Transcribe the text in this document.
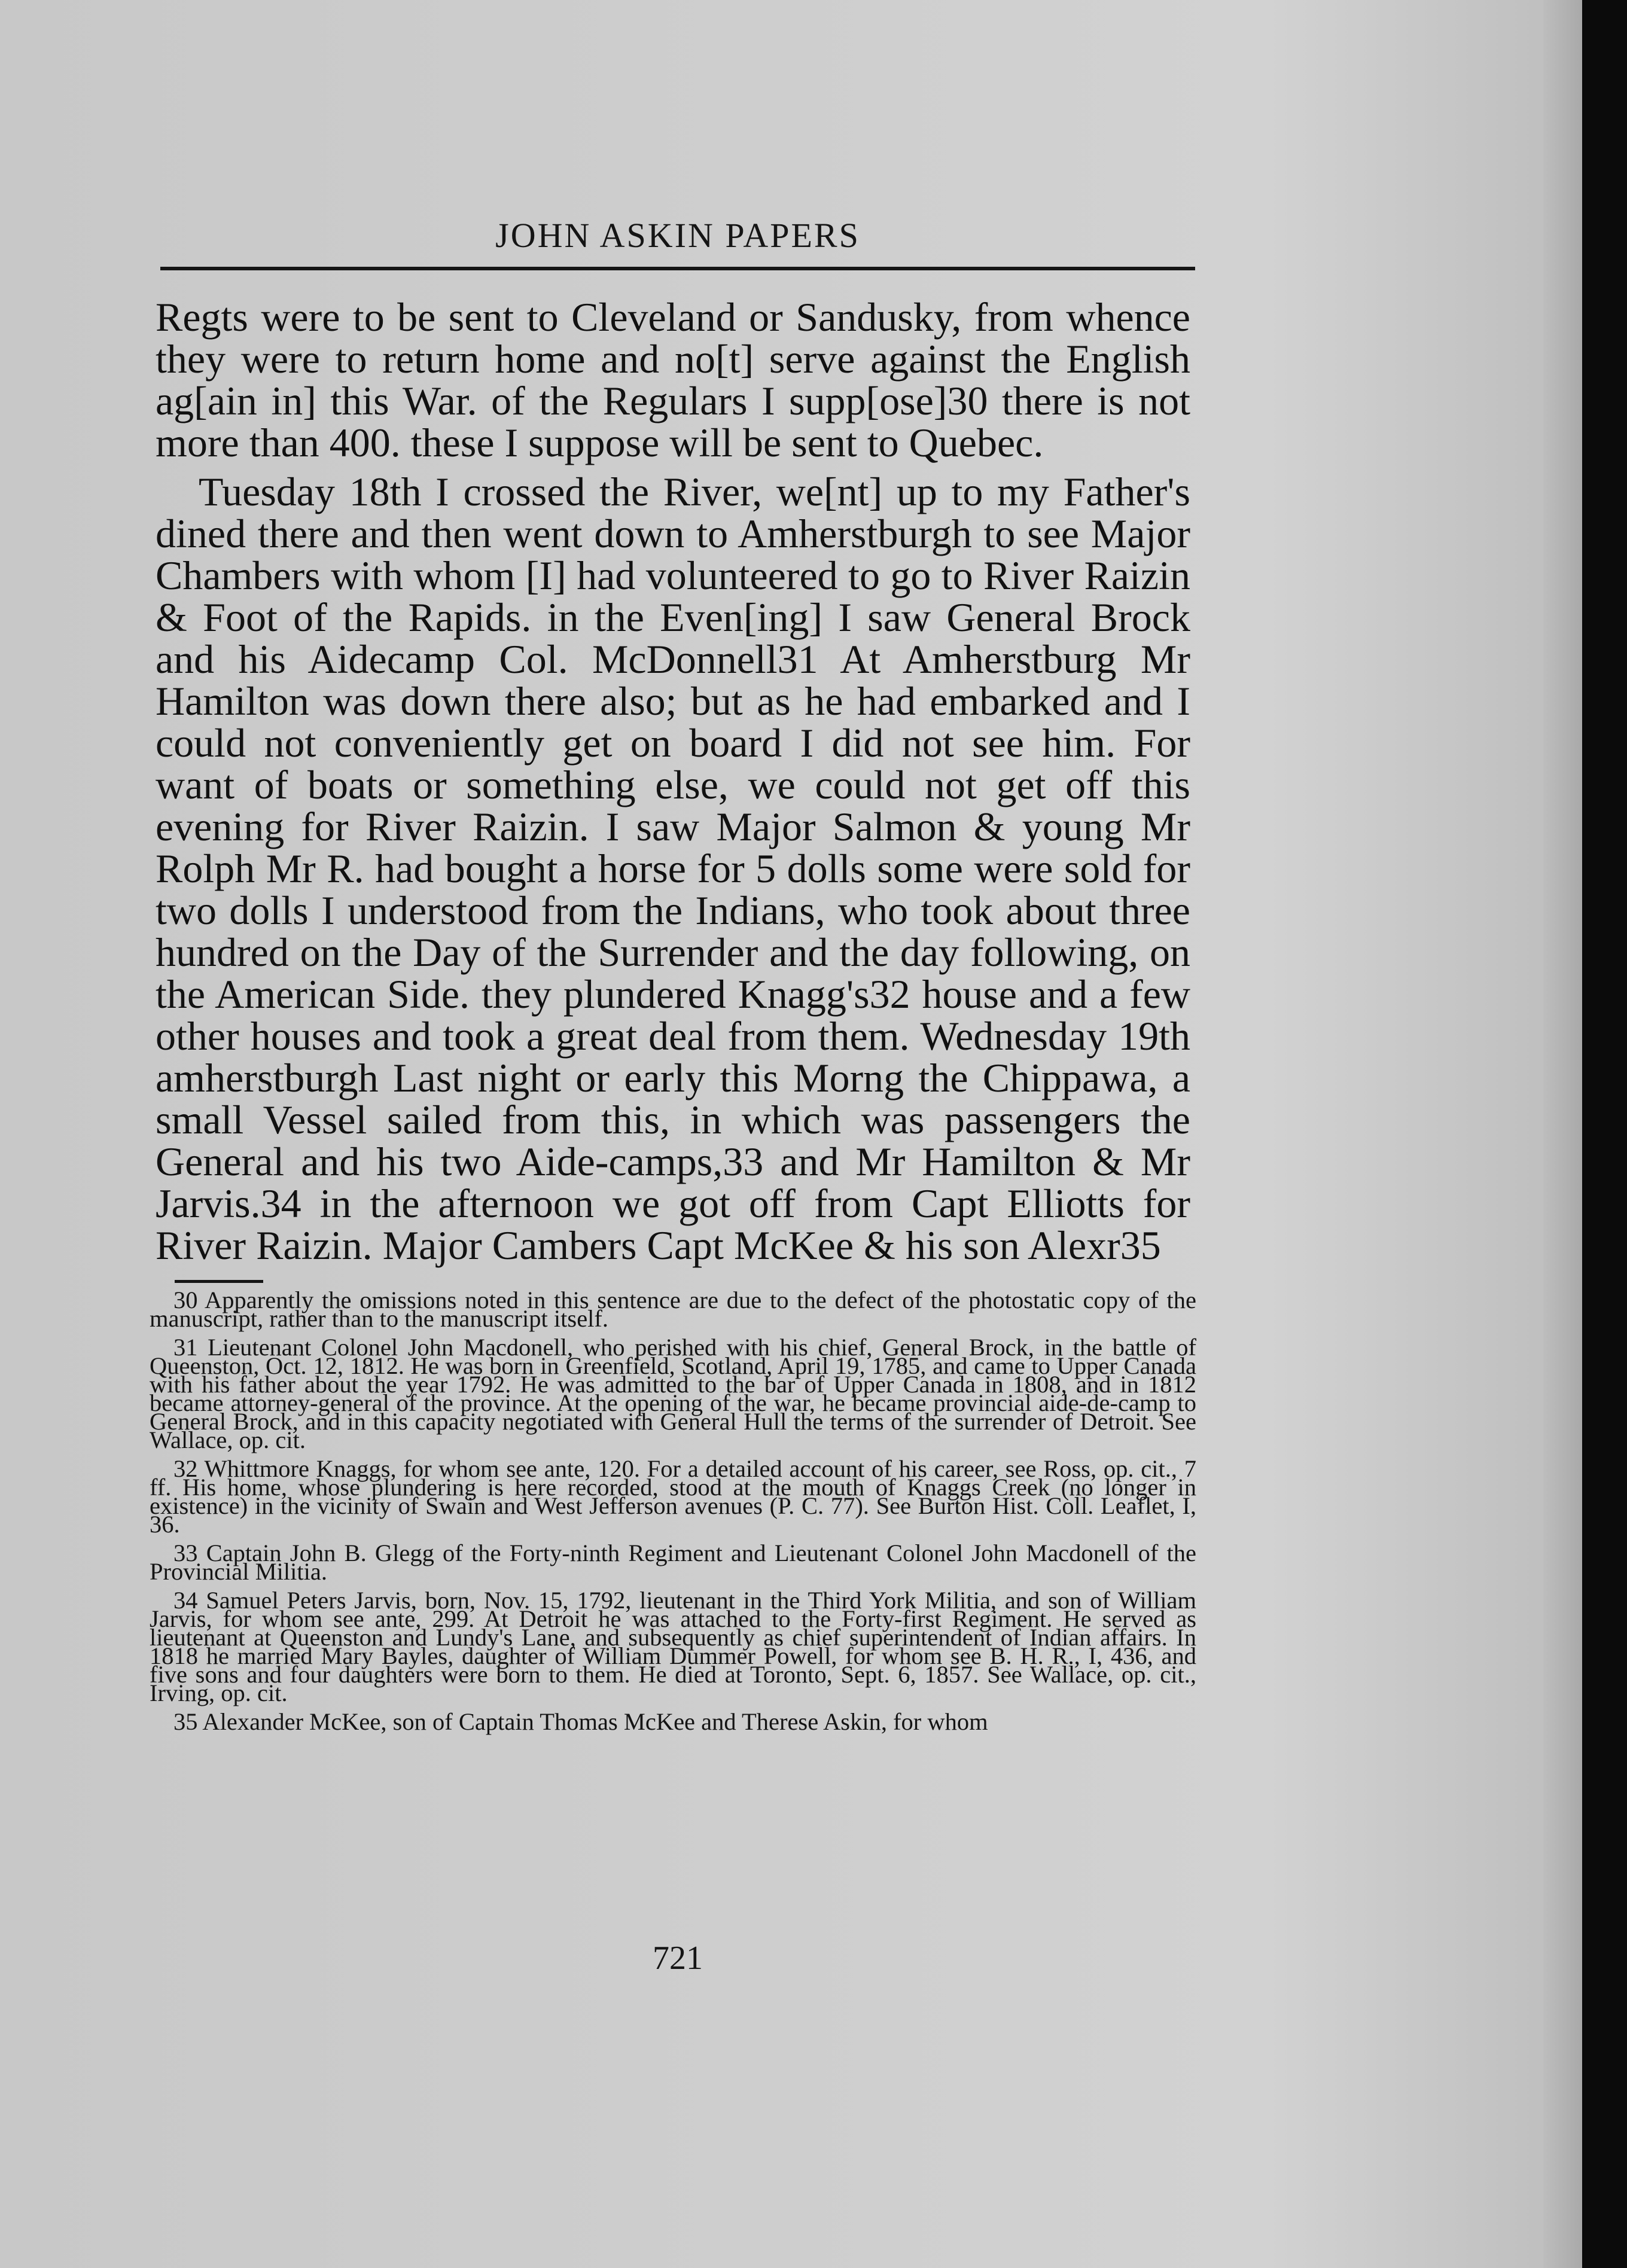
JOHN ASKIN PAPERS

Regts were to be sent to Cleveland or Sandusky, from whence they were to return home and no[t] serve against the English ag[ain in] this War. of the Regulars I supp[ose]30 there is not more than 400. these I suppose will be sent to Quebec.

Tuesday 18th I crossed the River, we[nt] up to my Father's dined there and then went down to Amherstburgh to see Major Chambers with whom [I] had volunteered to go to River Raizin & Foot of the Rapids. in the Even[ing] I saw General Brock and his Aidecamp Col. McDonnell31 At Amherstburg Mr Hamilton was down there also; but as he had embarked and I could not conveniently get on board I did not see him. For want of boats or something else, we could not get off this evening for River Raizin. I saw Major Salmon & young Mr Rolph Mr R. had bought a horse for 5 dolls some were sold for two dolls I understood from the Indians, who took about three hundred on the Day of the Surrender and the day following, on the American Side. they plundered Knagg's32 house and a few other houses and took a great deal from them. Wednesday 19th amherstburgh Last night or early this Morng the Chippawa, a small Vessel sailed from this, in which was passengers the General and his two Aide-camps,33 and Mr Hamilton & Mr Jarvis.34 in the afternoon we got off from Capt Elliotts for River Raizin. Major Cambers Capt McKee & his son Alexr35

30 Apparently the omissions noted in this sentence are due to the defect of the photostatic copy of the manuscript, rather than to the manuscript itself.

31 Lieutenant Colonel John Macdonell, who perished with his chief, General Brock, in the battle of Queenston, Oct. 12, 1812. He was born in Greenfield, Scotland, April 19, 1785, and came to Upper Canada with his father about the year 1792. He was admitted to the bar of Upper Canada in 1808, and in 1812 became attorney-general of the province. At the opening of the war, he became provincial aide-de-camp to General Brock, and in this capacity negotiated with General Hull the terms of the surrender of Detroit. See Wallace, op. cit.

32 Whittmore Knaggs, for whom see ante, 120. For a detailed account of his career, see Ross, op. cit., 7 ff. His home, whose plundering is here recorded, stood at the mouth of Knaggs Creek (no longer in existence) in the vicinity of Swain and West Jefferson avenues (P. C. 77). See Burton Hist. Coll. Leaflet, I, 36.

33 Captain John B. Glegg of the Forty-ninth Regiment and Lieutenant Colonel John Macdonell of the Provincial Militia.

34 Samuel Peters Jarvis, born, Nov. 15, 1792, lieutenant in the Third York Militia, and son of William Jarvis, for whom see ante, 299. At Detroit he was attached to the Forty-first Regiment. He served as lieutenant at Queenston and Lundy's Lane, and subsequently as chief superintendent of Indian affairs. In 1818 he married Mary Bayles, daughter of William Dummer Powell, for whom see B. H. R., I, 436, and five sons and four daughters were born to them. He died at Toronto, Sept. 6, 1857. See Wallace, op. cit., Irving, op. cit.

35 Alexander McKee, son of Captain Thomas McKee and Therese Askin, for whom

721
